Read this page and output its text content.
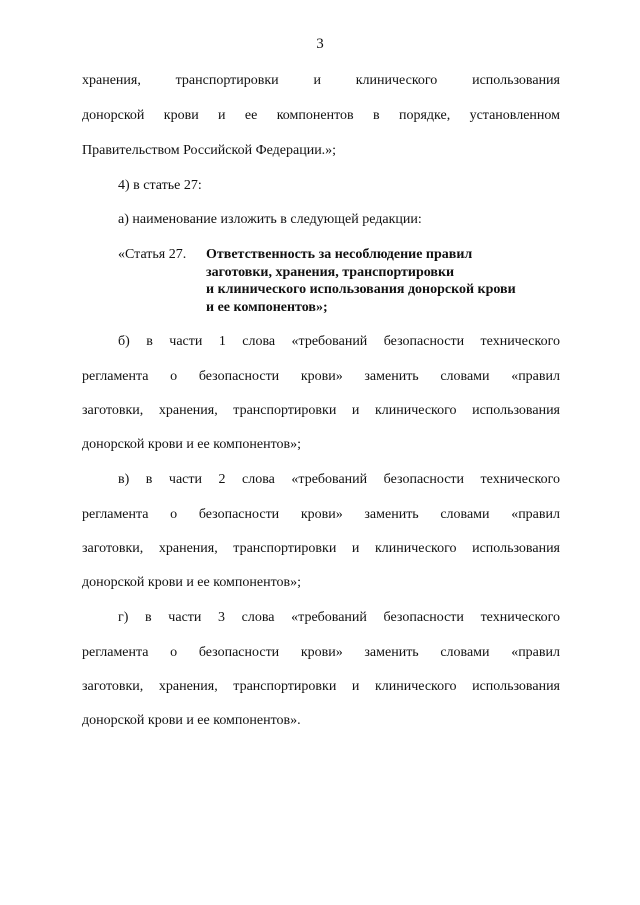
3
хранения, транспортировки и клинического использования
донорской крови и ее компонентов в порядке, установленном
Правительством Российской Федерации.»;
4) в статье 27:
а) наименование изложить в следующей редакции:
«Статья 27. Ответственность за несоблюдение правил
заготовки, хранения, транспортировки
и клинического использования донорской крови
и ее компонентов»;
б) в части 1 слова «требований безопасности технического
регламента о безопасности крови» заменить словами «правил
заготовки, хранения, транспортировки и клинического использования
донорской крови и ее компонентов»;
в) в части 2 слова «требований безопасности технического
регламента о безопасности крови» заменить словами «правил
заготовки, хранения, транспортировки и клинического использования
донорской крови и ее компонентов»;
г) в части 3 слова «требований безопасности технического
регламента о безопасности крови» заменить словами «правил
заготовки, хранения, транспортировки и клинического использования
донорской крови и ее компонентов».
